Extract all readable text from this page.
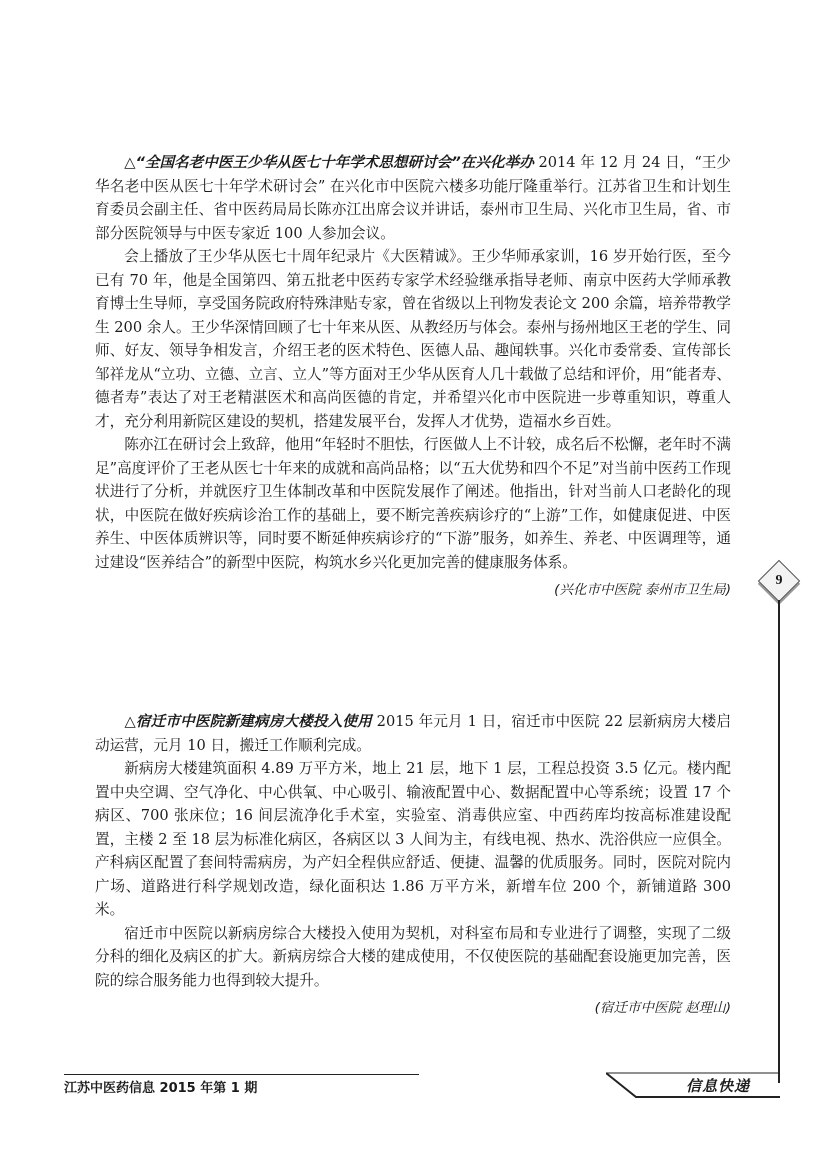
　　△“全国名老中医王少华从医七十年学术思想研讨会”在兴化举办 2014 年 12 月 24 日，“王少华名老中医从医七十年学术研讨会” 在兴化市中医院六楼多功能厅隆重举行。江苏省卫生和计划生育委员会副主任、省中医药局局长陈亦江出席会议并讲话，泰州市卫生局、兴化市卫生局，省、市部分医院领导与中医专家近 100 人参加会议。

会上播放了王少华从医七十周年纪录片《大医精诚》。王少华师承家训，16 岁开始行医，至今已有 70 年，他是全国第四、第五批老中医药专家学术经验继承指导老师、南京中医药大学师承教育博士生导师，享受国务院政府特殊津贴专家，曾在省级以上刊物发表论文 200 余篇，培养带教学生 200 余人。王少华深情回顾了七十年来从医、从教经历与体会。泰州与扬州地区王老的学生、同师、好友、领导争相发言，介绍王老的医术特色、医德人品、趣闻轶事。兴化市委常委、宣传部长邹祥龙从“立功、立德、立言、立人”等方面对王少华从医育人几十载做了总结和评价，用“能者寿、德者寿”表达了对王老精湛医术和高尚医德的肯定，并希望兴化市中医院进一步尊重知识，尊重人才，充分利用新院区建设的契机，搭建发展平台，发挥人才优势，造福水乡百姓。

陈亦江在研讨会上致辞，他用“年轻时不胆怯，行医做人上不计较，成名后不松懈，老年时不满足”高度评价了王老从医七十年来的成就和高尚品格；以“五大优势和四个不足”对当前中医药工作现状进行了分析，并就医疗卫生体制改革和中医院发展作了阐述。他指出，针对当前人口老龄化的现状，中医院在做好疾病诊治工作的基础上，要不断完善疾病诊疗的“上游”工作，如健康促进、中医养生、中医体质辨识等，同时要不断延伸疾病诊疗的“下游”服务，如养生、养老、中医调理等，通过建设“医养结合”的新型中医院，构筑水乡兴化更加完善的健康服务体系。

(兴化市中医院 泰州市卫生局)

　　△宿迁市中医院新建病房大楼投入使用 2015 年元月 1 日，宿迁市中医院 22 层新病房大楼启动运营，元月 10 日，搬迁工作顺利完成。

新病房大楼建筑面积 4.89 万平方米，地上 21 层，地下 1 层，工程总投资 3.5 亿元。楼内配置中央空调、空气净化、中心供氧、中心吸引、输液配置中心、数据配置中心等系统；设置 17 个病区、700 张床位；16 间层流净化手术室，实验室、消毒供应室、中西药库均按高标准建设配置，主楼 2 至 18 层为标准化病区，各病区以 3 人间为主，有线电视、热水、洗浴供应一应俱全。产科病区配置了套间特需病房，为产妇全程供应舒适、便捷、温馨的优质服务。同时，医院对院内广场、道路进行科学规划改造，绿化面积达 1.86 万平方米，新增车位 200 个，新铺道路 300 米。

宿迁市中医院以新病房综合大楼投入使用为契机，对科室布局和专业进行了调整，实现了二级分科的细化及病区的扩大。新病房综合大楼的建成使用，不仅使医院的基础配套设施更加完善，医院的综合服务能力也得到较大提升。

(宿迁市中医院 赵理山)
9
江苏中医药信息 2015 年第 1 期	信息快递
